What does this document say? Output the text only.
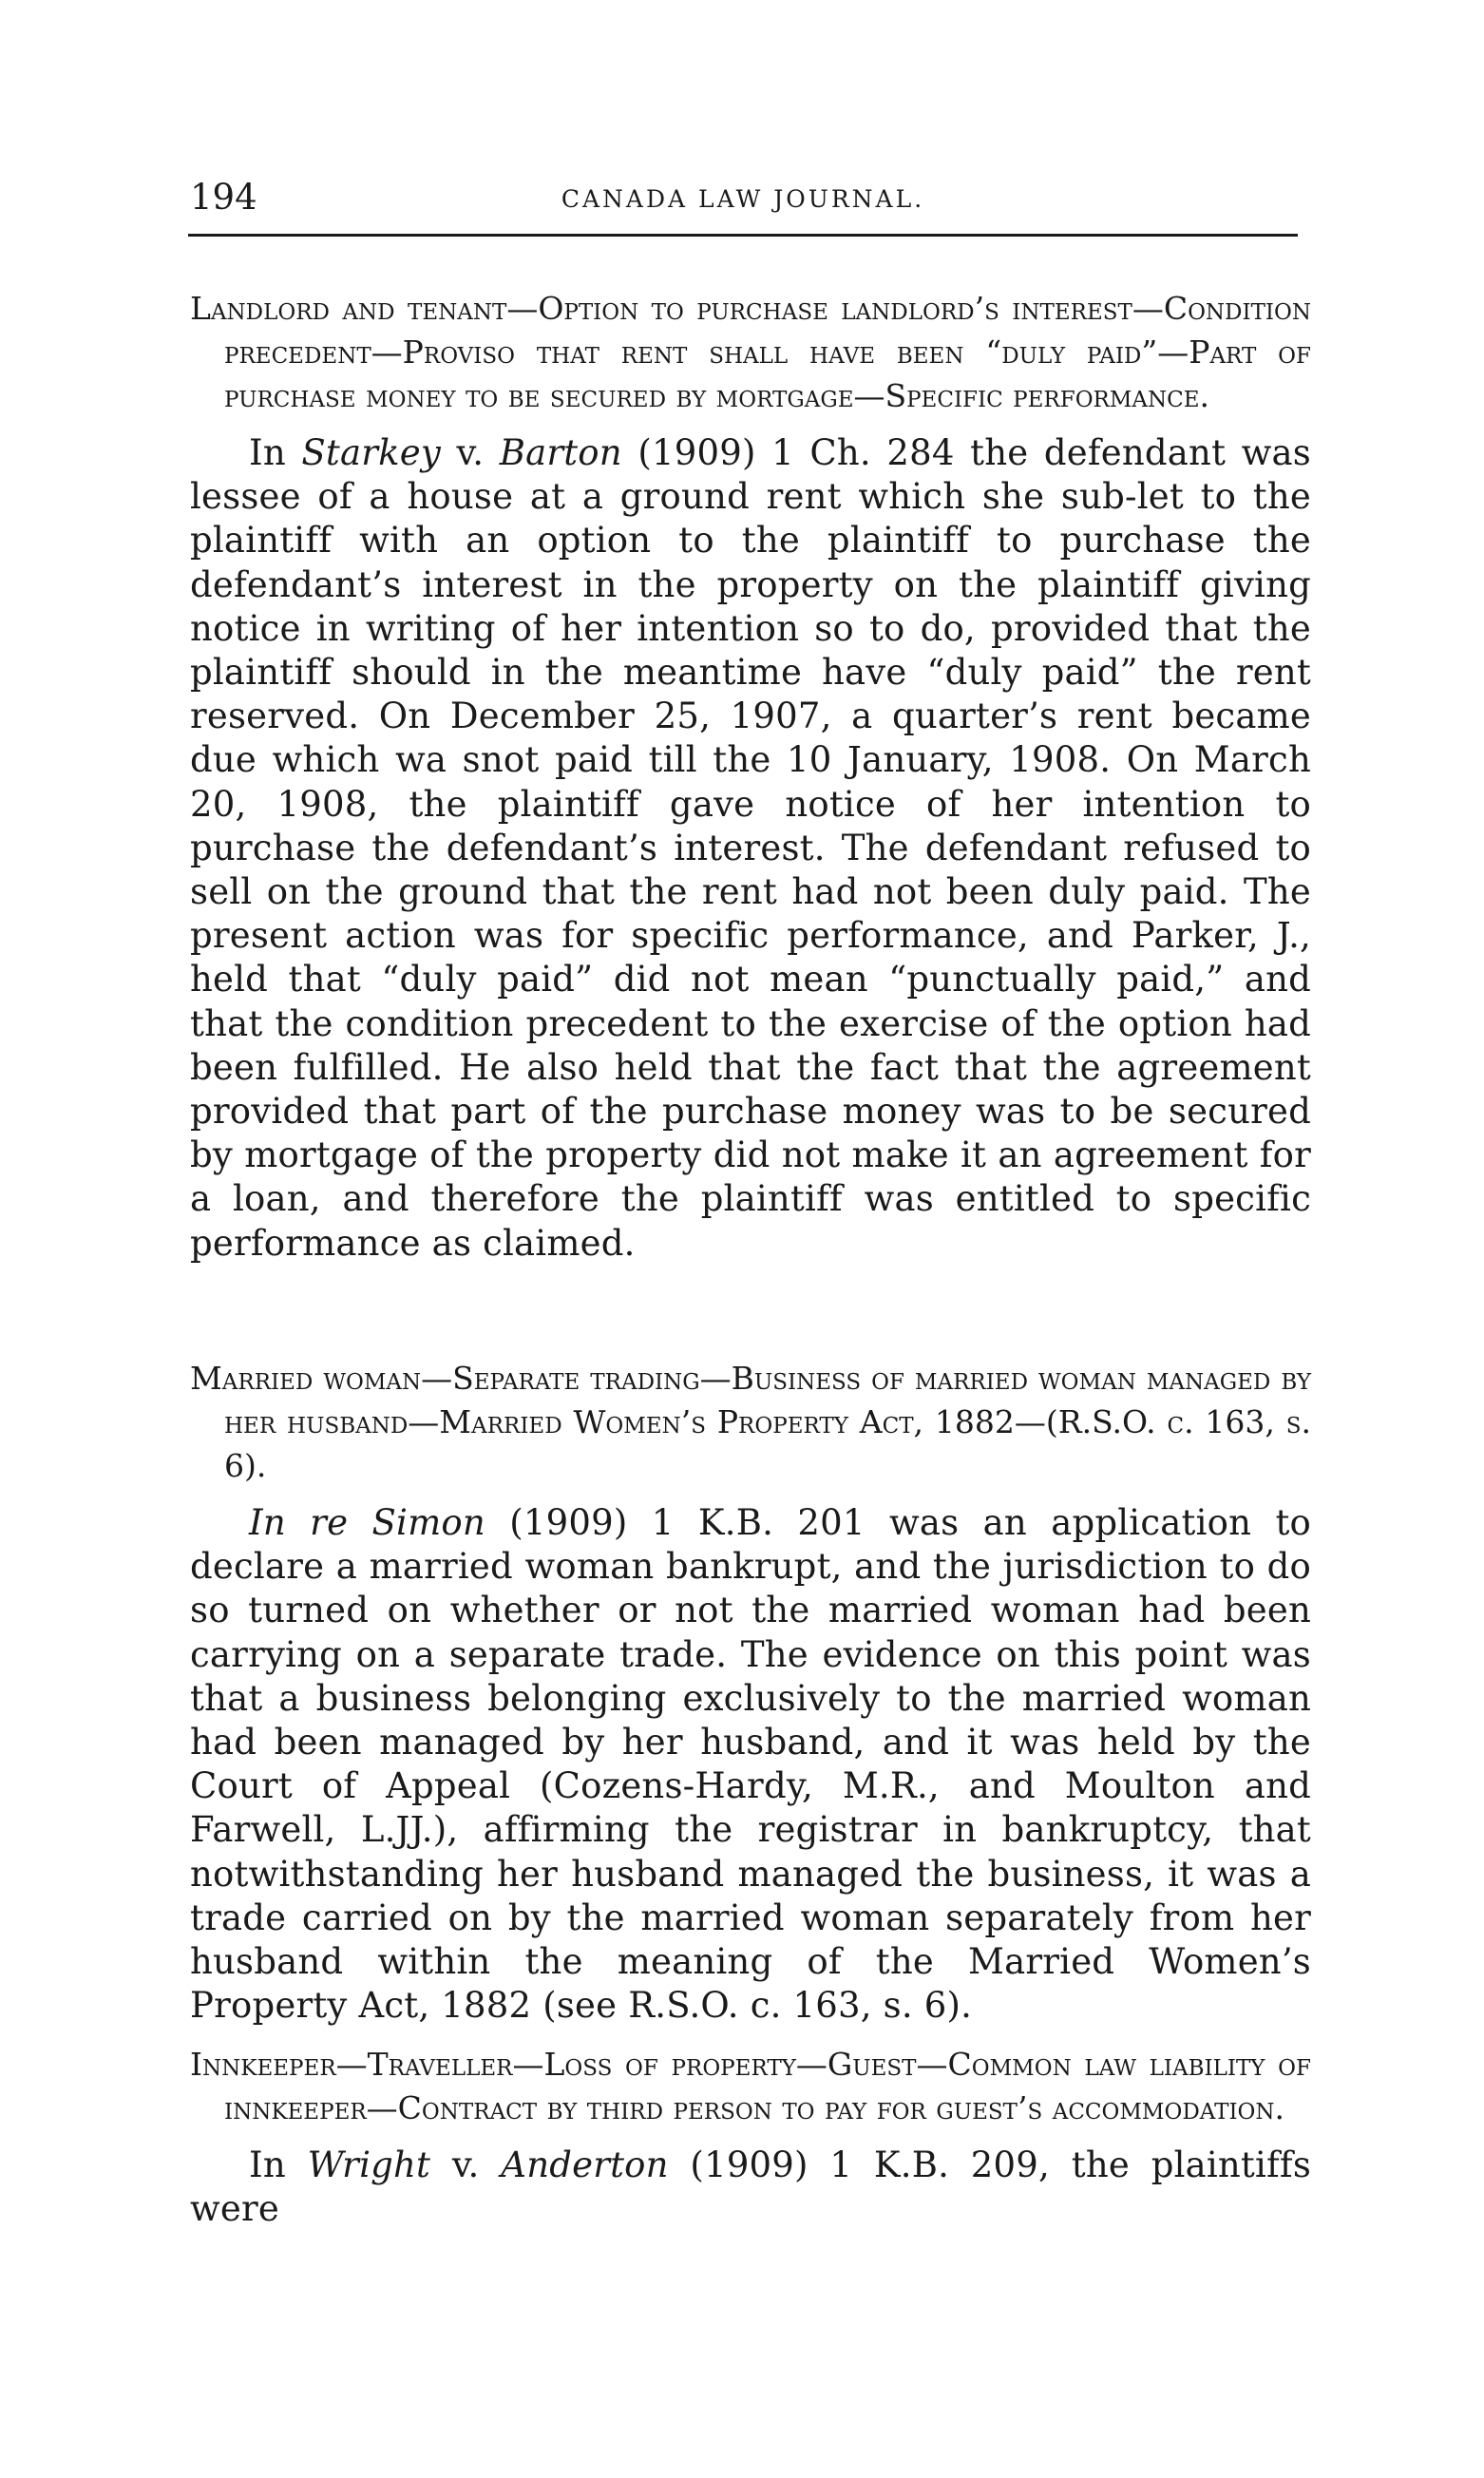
194	CANADA LAW JOURNAL.

Landlord and tenant—Option to purchase landlord’s interest—Condition precedent—Proviso that rent shall have been “duly paid”—Part of purchase money to be secured by mortgage—Specific performance.

In Starkey v. Barton (1909) 1 Ch. 284 the defendant was lessee of a house at a ground rent which she sub-let to the plaintiff with an option to the plaintiff to purchase the defendant’s interest in the property on the plaintiff giving notice in writing of her intention so to do, provided that the plaintiff should in the meantime have “duly paid” the rent reserved. On December 25, 1907, a quarter’s rent became due which wa snot paid till the 10 January, 1908. On March 20, 1908, the plaintiff gave notice of her intention to purchase the defendant’s interest. The defendant refused to sell on the ground that the rent had not been duly paid. The present action was for specific performance, and Parker, J., held that “duly paid” did not mean “punctually paid,” and that the condition precedent to the exercise of the option had been fulfilled. He also held that the fact that the agreement provided that part of the purchase money was to be secured by mortgage of the property did not make it an agreement for a loan, and therefore the plaintiff was entitled to specific performance as claimed.

Married woman—Separate trading—Business of married woman managed by her husband—Married Women’s Property Act, 1882—(R.S.O. c. 163, s. 6).

In re Simon (1909) 1 K.B. 201 was an application to declare a married woman bankrupt, and the jurisdiction to do so turned on whether or not the married woman had been carrying on a separate trade. The evidence on this point was that a business belonging exclusively to the married woman had been managed by her husband, and it was held by the Court of Appeal (Cozens-Hardy, M.R., and Moulton and Farwell, L.JJ.), affirming the registrar in bankruptcy, that notwithstanding her husband managed the business, it was a trade carried on by the married woman separately from her husband within the meaning of the Married Women’s Property Act, 1882 (see R.S.O. c. 163, s. 6).

Innkeeper—Traveller—Loss of property—Guest—Common law liability of innkeeper—Contract by third person to pay for guest’s accommodation.

In Wright v. Anderton (1909) 1 K.B. 209, the plaintiffs were
